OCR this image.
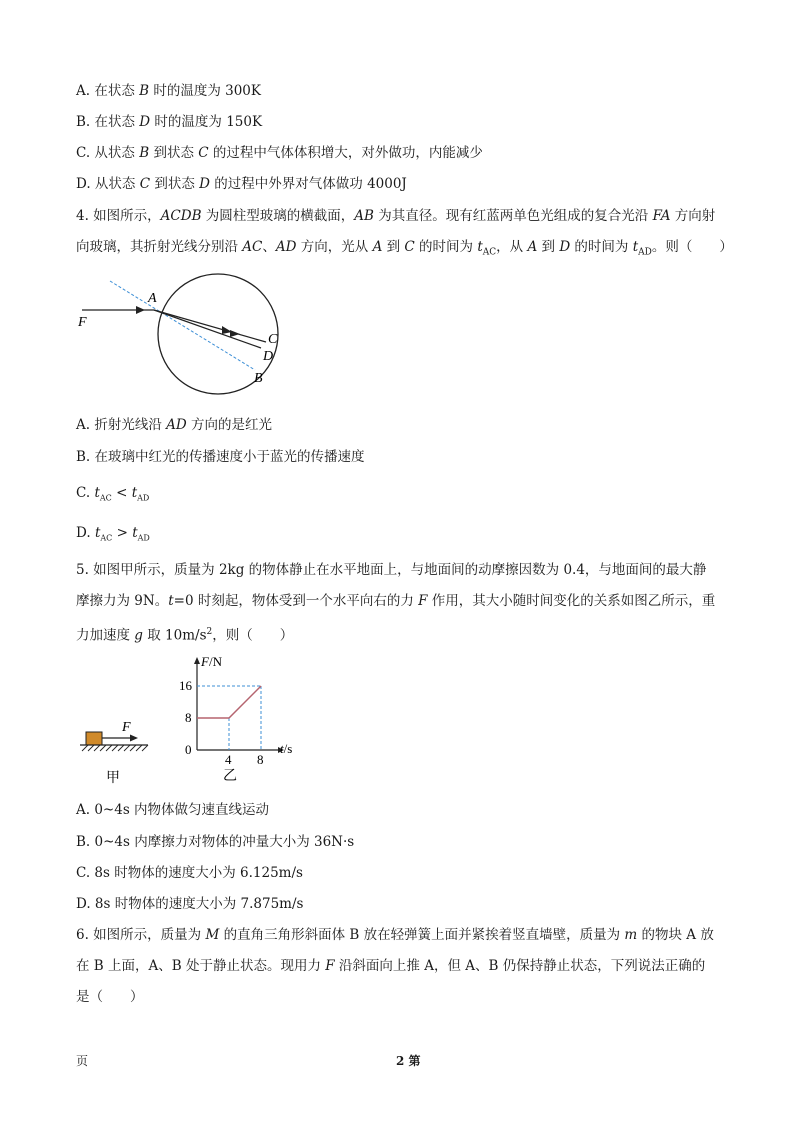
A. 在状态 B 时的温度为 300K
B. 在状态 D 时的温度为 150K
C. 从状态 B 到状态 C 的过程中气体体积增大，对外做功，内能减少
D. 从状态 C 到状态 D 的过程中外界对气体做功 4000J
4. 如图所示，ACDB 为圆柱型玻璃的横截面，AB 为其直径。现有红蓝两单色光组成的复合光沿 FA 方向射
向玻璃，其折射光线分别沿 AC、AD 方向，光从 A 到 C 的时间为 $t_{AC}$，从 A 到 D 的时间为 $t_{AD}$。则（　　）
F
A
C
D
B
A. 折射光线沿 AD 方向的是红光
B. 在玻璃中红光的传播速度小于蓝光的传播速度
C. $t_{AC} < t_{AD}$
D. $t_{AC} > t_{AD}$
5. 如图甲所示，质量为 2kg 的物体静止在水平地面上，与地面间的动摩擦因数为 0.4，与地面间的最大静
摩擦力为 9N。t=0 时刻起，物体受到一个水平向右的力 F 作用，其大小随时间变化的关系如图乙所示，重
力加速度 g 取 $10m/s^2$，则（　　）
F
甲
F/N
t/s
0
8
16
4 8
乙
A. 0~4s 内物体做匀速直线运动
B. 0~4s 内摩擦力对物体的冲量大小为 36N·s
C. 8s 时物体的速度大小为 6.125m/s
D. 8s 时物体的速度大小为 7.875m/s
6. 如图所示，质量为 M 的直角三角形斜面体 B 放在轻弹簧上面并紧挨着竖直墙壁，质量为 m 的物块 A 放
在 B 上面，A、B 处于静止状态。现用力 F 沿斜面向上推 A，但 A、B 仍保持静止状态，下列说法正确的
是（　　）
页	2 第
